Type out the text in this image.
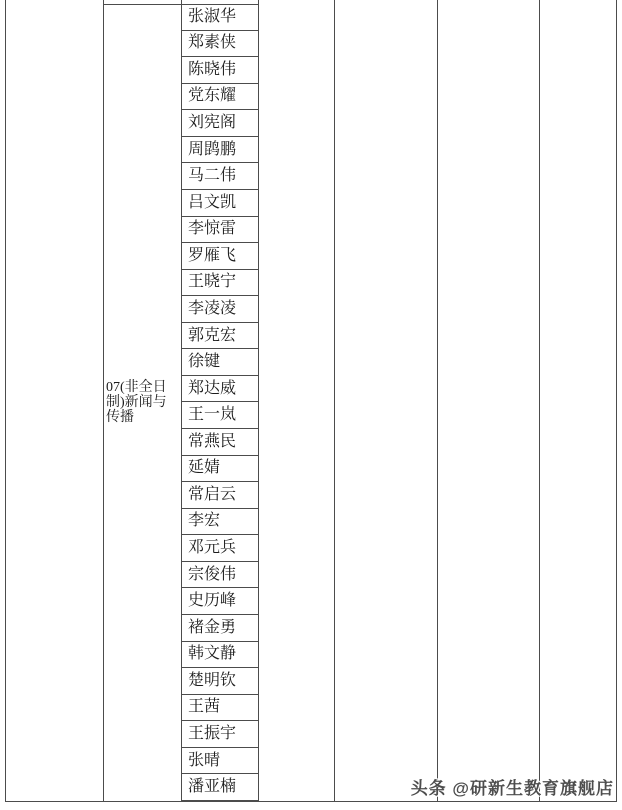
07(非全日制)新闻与传播
张淑华
郑素侠
陈晓伟
党东耀
刘宪阁
周鹍鹏
马二伟
吕文凯
李惊雷
罗雁飞
王晓宁
李凌凌
郭克宏
徐键
郑达威
王一岚
常燕民
延婧
常启云
李宏
邓元兵
宗俊伟
史历峰
褚金勇
韩文静
楚明钦
王茜
王振宇
张晴
潘亚楠	头条 @研新生教育旗舰店
